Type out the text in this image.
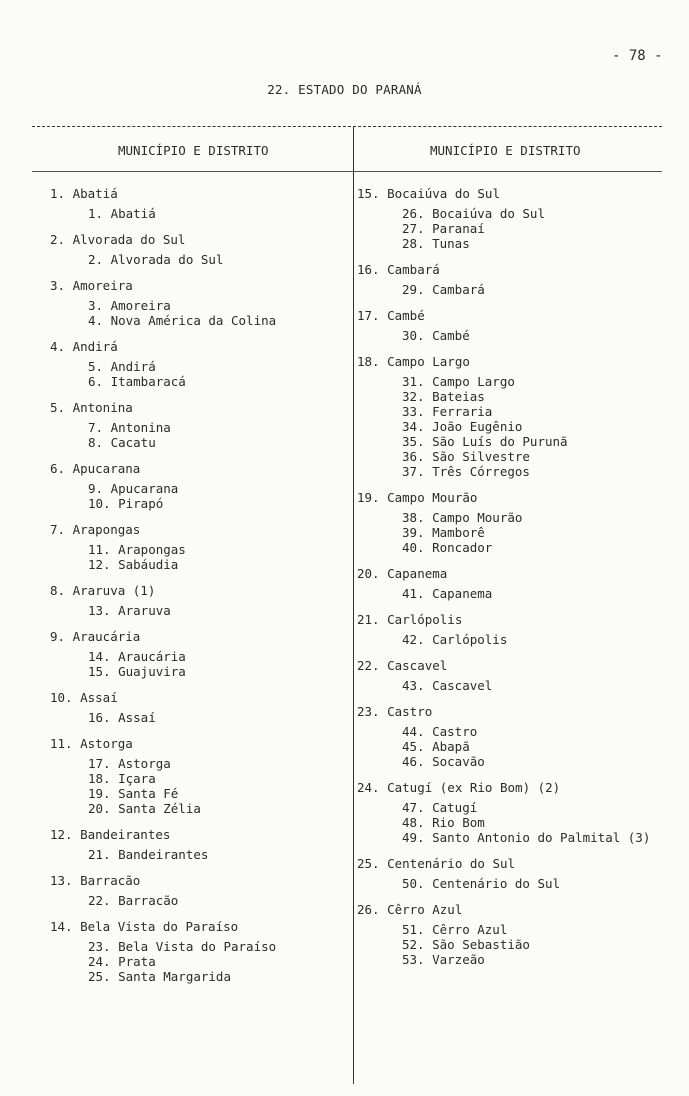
- 78 -
22. ESTADO DO PARANÁ
MUNICÍPIO E DISTRITO	MUNICÍPIO E DISTRITO
1. Abatiá
1. Abatiá
2. Alvorada do Sul
2. Alvorada do Sul
3. Amoreira
3. Amoreira
4. Nova América da Colina
4. Andirá
5. Andirá
6. Itambaracá
5. Antonina
7. Antonina
8. Cacatu
6. Apucarana
9. Apucarana
10. Pirapó
7. Arapongas
11. Arapongas
12. Sabáudia
8. Araruva (1)
13. Araruva
9. Araucária
14. Araucária
15. Guajuvira
10. Assaí
16. Assaí
11. Astorga
17. Astorga
18. Içara
19. Santa Fé
20. Santa Zélia
12. Bandeirantes
21. Bandeirantes
13. Barracão
22. Barracão
14. Bela Vista do Paraíso
23. Bela Vista do Paraíso
24. Prata
25. Santa Margarida
15. Bocaiúva do Sul
26. Bocaiúva do Sul
27. Paranaí
28. Tunas
16. Cambará
29. Cambará
17. Cambé
30. Cambé
18. Campo Largo
31. Campo Largo
32. Bateias
33. Ferraria
34. João Eugênio
35. São Luís do Purunã
36. São Silvestre
37. Três Córregos
19. Campo Mourão
38. Campo Mourão
39. Mamborê
40. Roncador
20. Capanema
41. Capanema
21. Carlópolis
42. Carlópolis
22. Cascavel
43. Cascavel
23. Castro
44. Castro
45. Abapã
46. Socavão
24. Catugí (ex Rio Bom) (2)
47. Catugí
48. Rio Bom
49. Santo Antonio do Palmital (3)
25. Centenário do Sul
50. Centenário do Sul
26. Cêrro Azul
51. Cêrro Azul
52. São Sebastião
53. Varzeão
